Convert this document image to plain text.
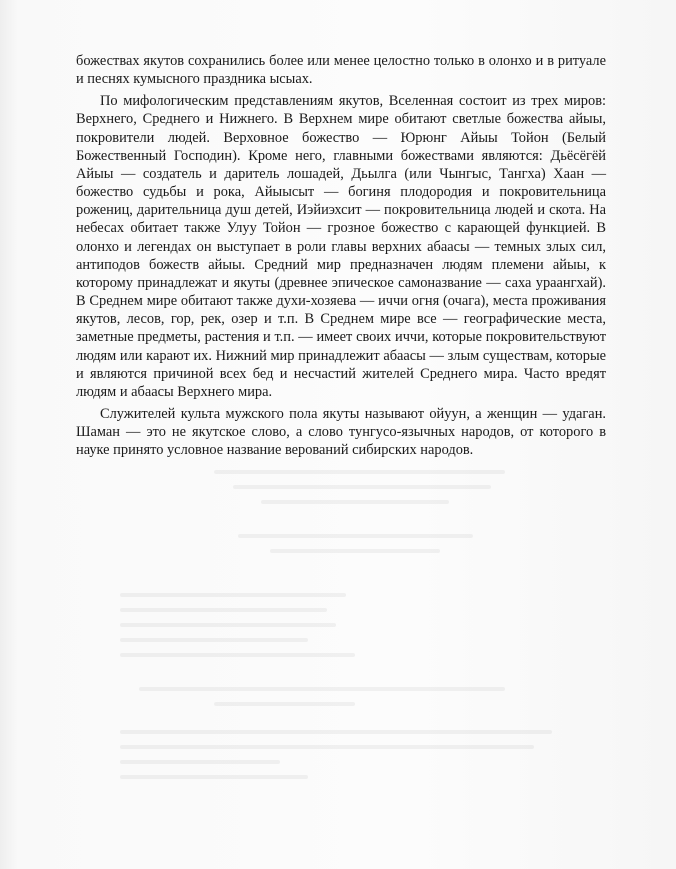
божествах якутов сохранились более или менее целостно только в олонхо и в ритуале и песнях кумысного праздника ысыах.

По мифологическим представлениям якутов, Вселенная состоит из трех миров: Верхнего, Среднего и Нижнего. В Верхнем мире обитают светлые божества айыы, покровители людей. Верховное божество — Юрюнг Айыы Тойон (Белый Божественный Господин). Кроме него, главными божествами являются: Дьёсёгёй Айыы — создатель и даритель лошадей, Дьылга (или Чынгыс, Тангха) Хаан — божество судьбы и рока, Айыысыт — богиня плодородия и покровительница рожениц, дарительница душ детей, Иэйиэхсит — покровительница людей и скота. На небесах обитает также Улуу Тойон — грозное божество с карающей функцией. В олонхо и легендах он выступает в роли главы верхних абаасы — темных злых сил, антиподов божеств айыы. Средний мир предназначен людям племени айыы, к которому принадлежат и якуты (древнее эпическое самоназвание — саха ураангхай). В Среднем мире обитают также духи-хозяева — иччи огня (очага), места проживания якутов, лесов, гор, рек, озер и т.п. В Среднем мире все — географические места, заметные предметы, растения и т.п. — имеет своих иччи, которые покровительствуют людям или карают их. Нижний мир принадлежит абаасы — злым существам, которые и являются причиной всех бед и несчастий жителей Среднего мира. Часто вредят людям и абаасы Верхнего мира.

Служителей культа мужского пола якуты называют ойуун, а женщин — удаган. Шаман — это не якутское слово, а слово тунгусо-язычных народов, от которого в науке принято условное название верований сибирских народов.
